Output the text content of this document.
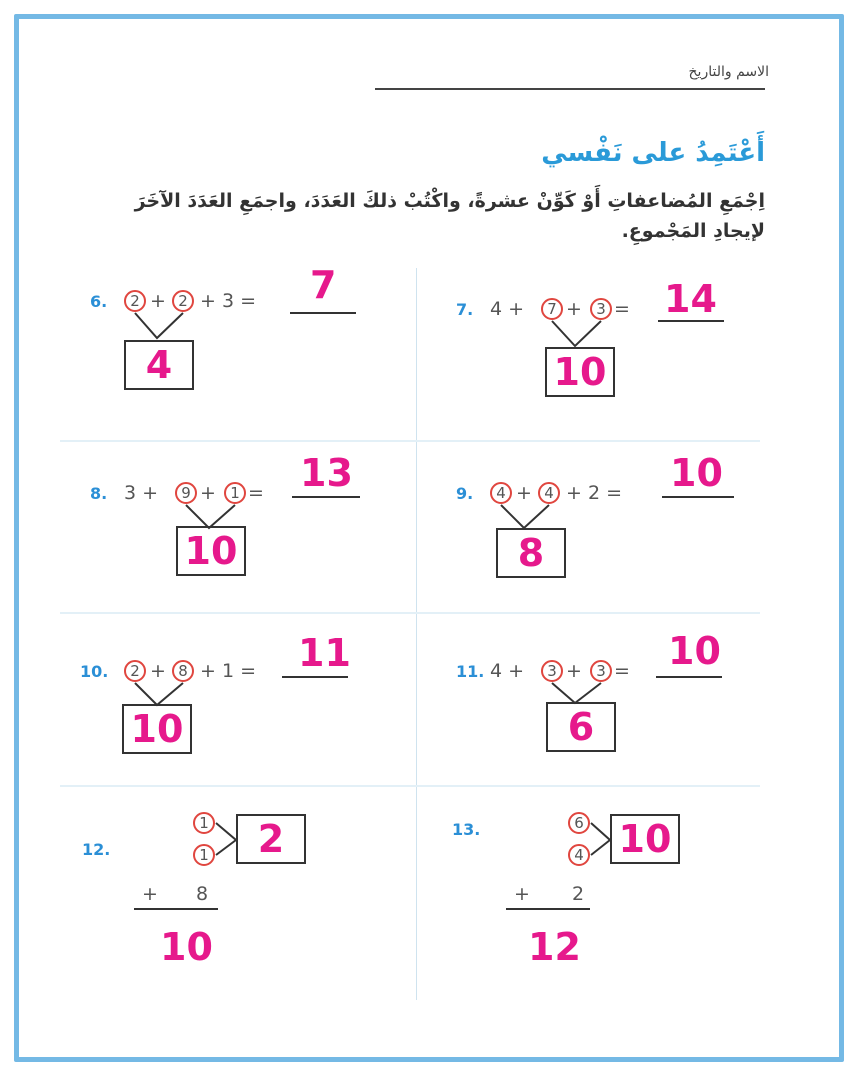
الاسم والتاريخ
أَعْتَمِدُ على نَفْسي
اِجْمَعِ المُضاعفاتِ أَوْ كَوِّنْ عشرةً، واكْتُبْ ذلكَ العَدَدَ، واجمَعِ العَدَدَ الآخَرَ لإيجادِ المَجْموعِ.
6.	2 + 2 + 3 = 7
4
7. 4 +	7 + 3 = 14
10
8. 3 +	9 + 1 = 13
10
9.	4 + 4 + 2 = 10
8
10.	2 + 8 + 1 = 11
10
11. 4 +	3 + 3 = 10
6
12.
1
1	2
+ 8
10
13.	6
4 10
+ 2
12
